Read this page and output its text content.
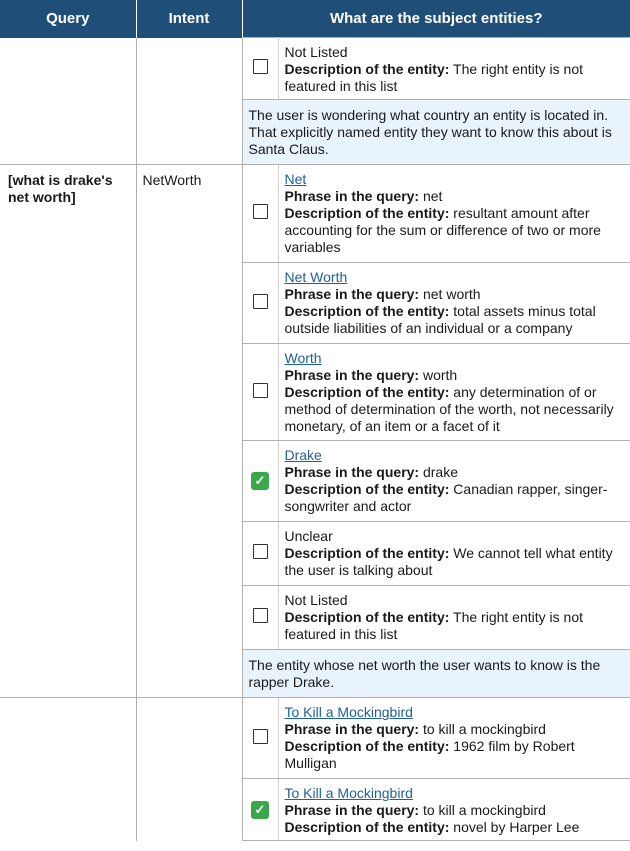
Query	Intent	What are the subject entities?	

			Not Listed
Description of the entity: The right entity is not featured in this list
		The user is wondering what country an entity is located in. That explicitly named entity they want to know this about is Santa Claus.	
[what is drake's net worth]	NetWorth		Net
Phrase in the query: net
Description of the entity: resultant amount after accounting for the sum or difference of two or more variables

			Net Worth
Phrase in the query: net worth
Description of the entity: total assets minus total outside liabilities of an individual or a company

			Worth
Phrase in the query: worth
Description of the entity: any determination of or method of determination of the worth, not necessarily monetary, of an item or a facet of it
		✓	Drake
Phrase in the query: drake
Description of the entity: Canadian rapper, singer-songwriter and actor

			Unclear
Description of the entity: We cannot tell what entity the user is talking about

			Not Listed
Description of the entity: The right entity is not featured in this list
		The entity whose net worth the user wants to know is the rapper Drake.	

			To Kill a Mockingbird
Phrase in the query: to kill a mockingbird
Description of the entity: 1962 film by Robert Mulligan
		✓	To Kill a Mockingbird
Phrase in the query: to kill a mockingbird
Description of the entity: novel by Harper Lee
